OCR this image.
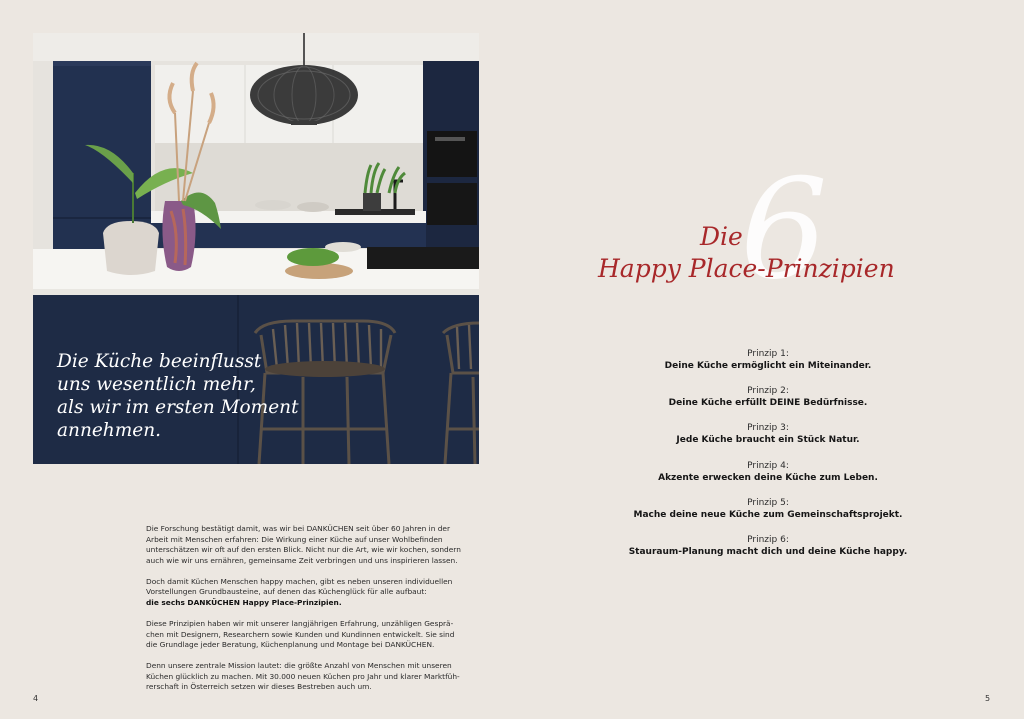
Die Küche beeinflusst
uns wesentlich mehr,
als wir im ersten Moment
annehmen.

Die Forschung bestätigt damit, was wir bei DANKÜCHEN seit über 60 Jahren in der
Arbeit mit Menschen erfahren: Die Wirkung einer Küche auf unser Wohlbefinden
unterschätzen wir oft auf den ersten Blick. Nicht nur die Art, wie wir kochen, sondern
auch wie wir uns ernähren, gemeinsame Zeit verbringen und uns inspirieren lassen.

Doch damit Küchen Menschen happy machen, gibt es neben unseren individuellen
Vorstellungen Grundbausteine, auf denen das Küchenglück für alle aufbaut:
die sechs DANKÜCHEN Happy Place-Prinzipien.

Diese Prinzipien haben wir mit unserer langjährigen Erfahrung, unzähligen Gesprä-
chen mit Designern, Researchern sowie Kunden und Kundinnen entwickelt. Sie sind
die Grundlage jeder Beratung, Küchenplanung und Montage bei DANKÜCHEN.

Denn unsere zentrale Mission lautet: die größte Anzahl von Menschen mit unseren
Küchen glücklich zu machen. Mit 30.000 neuen Küchen pro Jahr und klarer Marktfüh-
rerschaft in Österreich setzen wir dieses Bestreben auch um.

4
6
Die
Happy Place-Prinzipien
Prinzip 1:
Deine Küche ermöglicht ein Miteinander.
Prinzip 2:
Deine Küche erfüllt DEINE Bedürfnisse.
Prinzip 3:
Jede Küche braucht ein Stück Natur.
Prinzip 4:
Akzente erwecken deine Küche zum Leben.
Prinzip 5:
Mache deine neue Küche zum Gemeinschaftsprojekt.
Prinzip 6:
Stauraum-Planung macht dich und deine Küche happy.
5
